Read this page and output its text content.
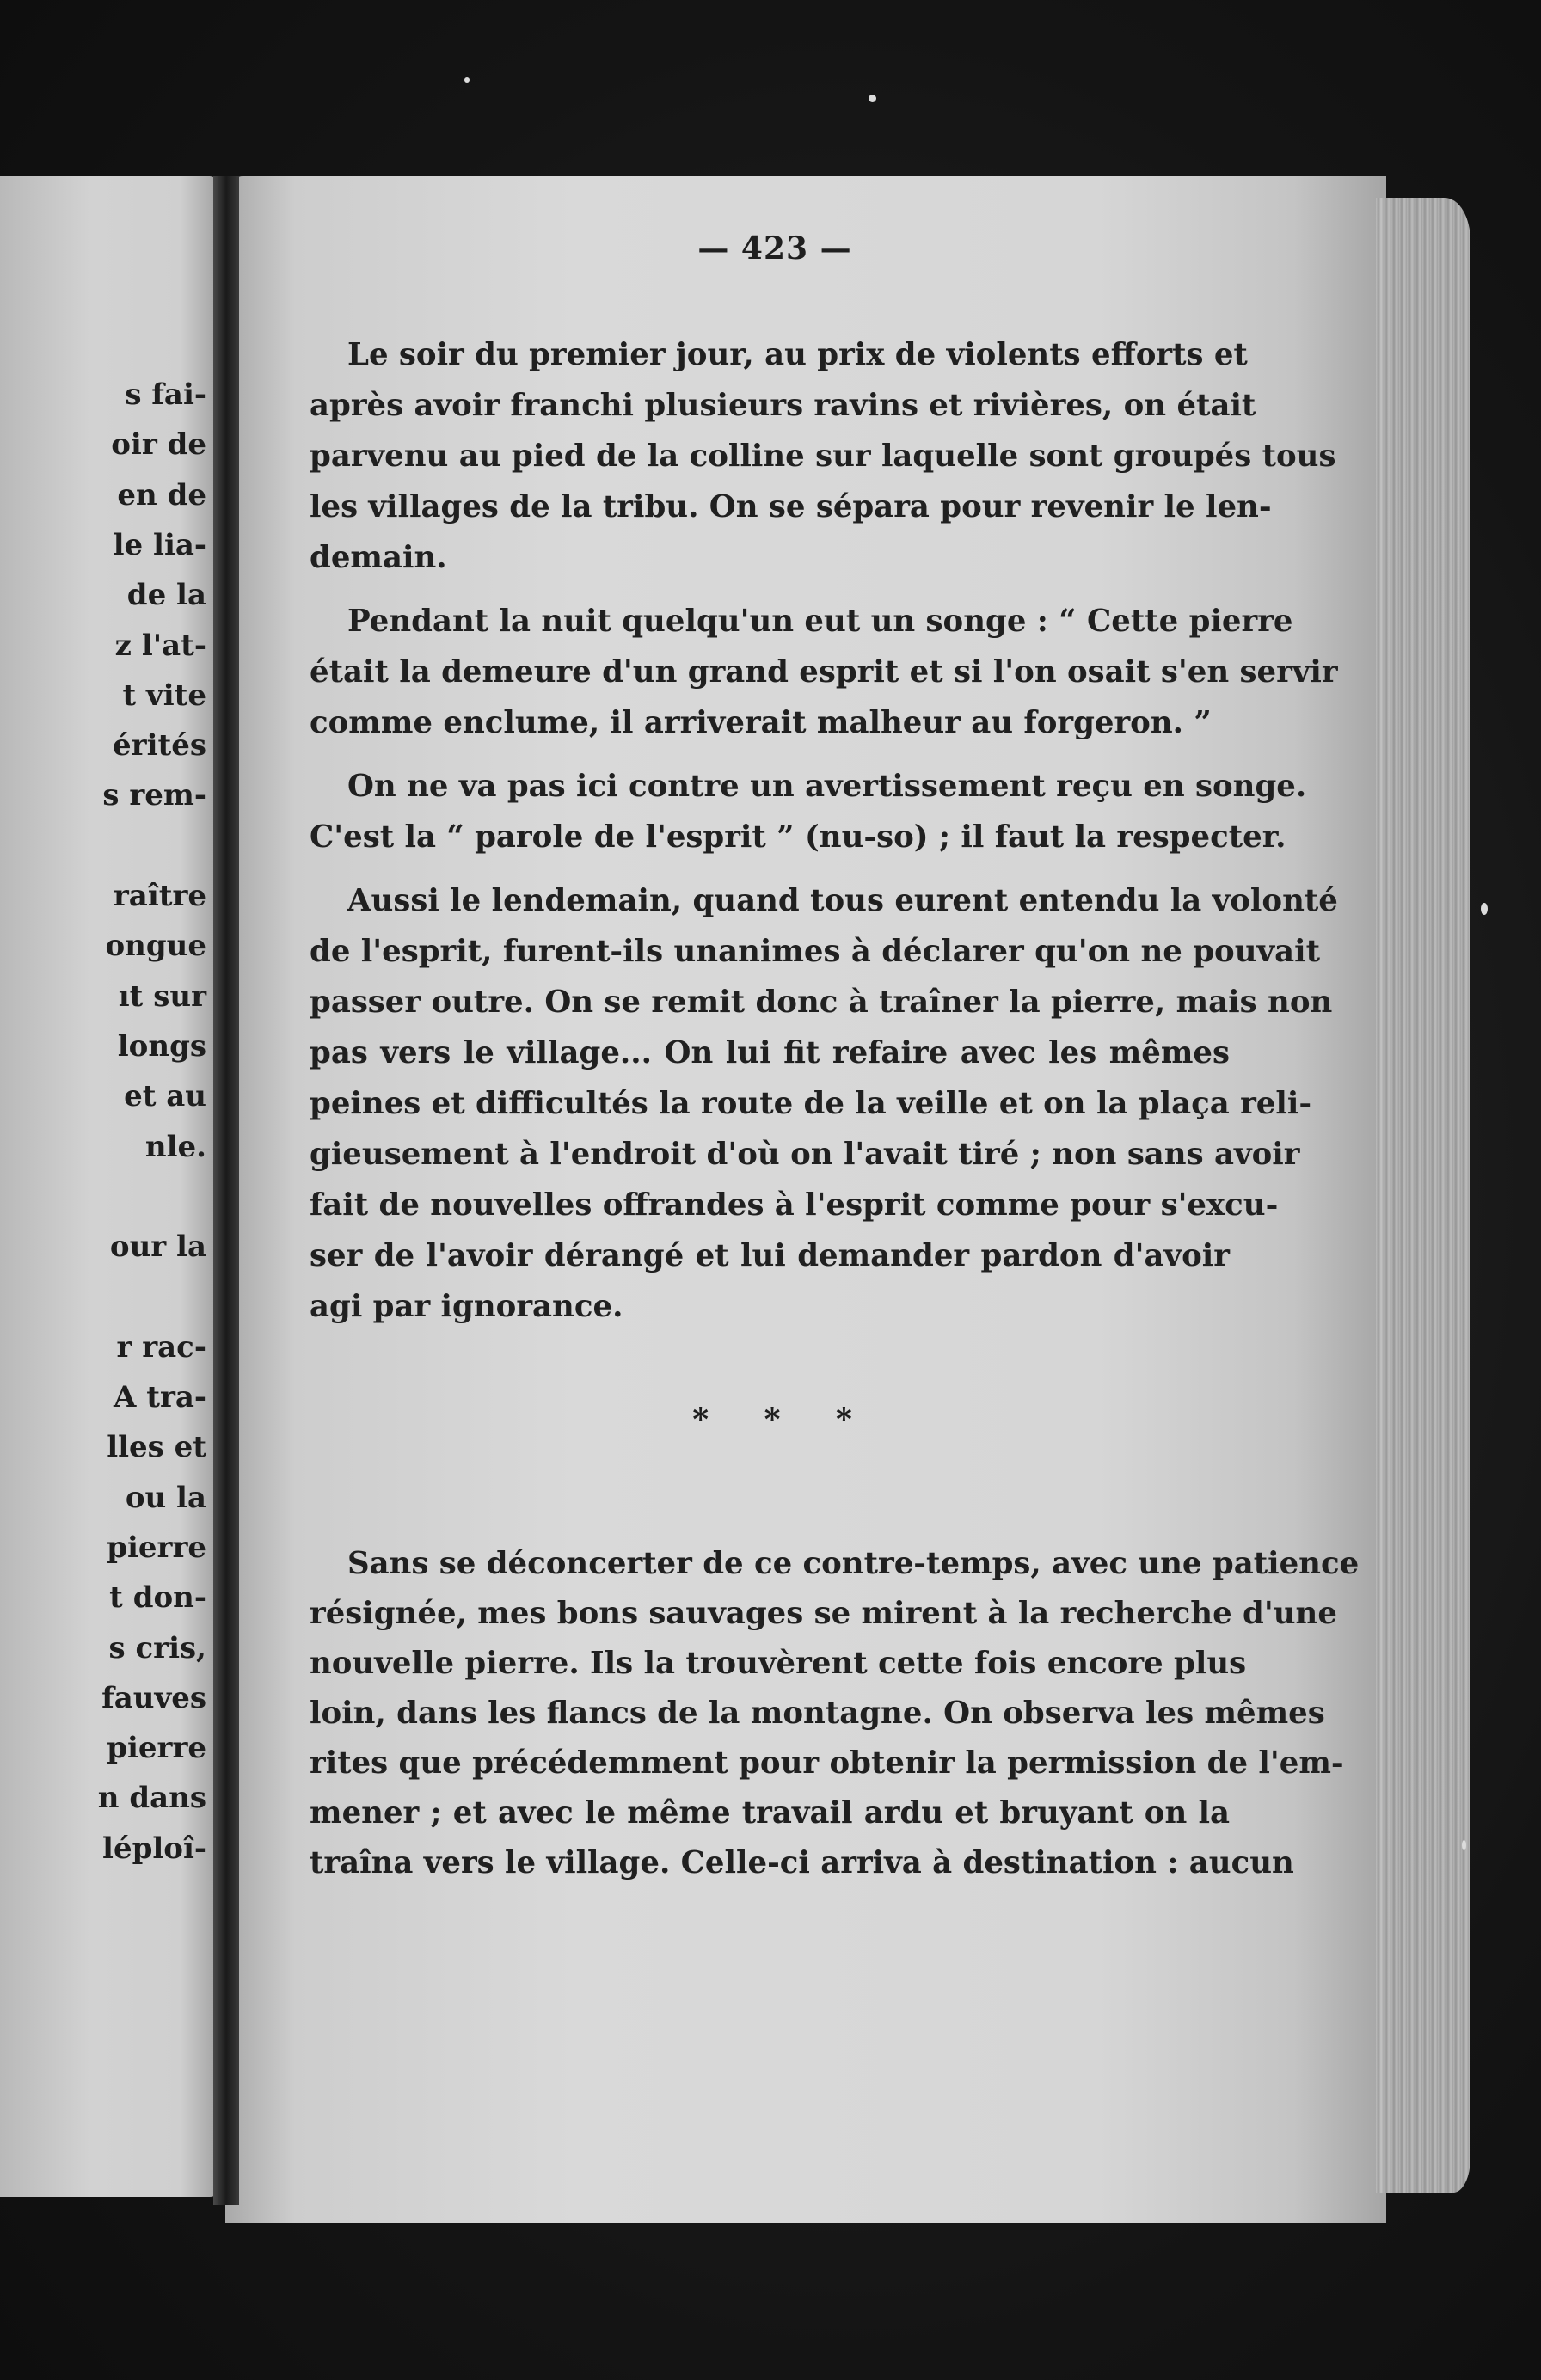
s fai-
oir de
en de
le lia-
de la
z l'at-
t vite
érités
s rem-
raître
ongue
ıt sur
longs
et au
nle.
our la
r rac-
A tra-
lles et
ou la
pierre
t don-
s cris,
fauves
pierre
n dans
léploî-
— 423 —
Le soir du premier jour, au prix de violents efforts et
après avoir franchi plusieurs ravins et rivières, on était
parvenu au pied de la colline sur laquelle sont groupés tous
les villages de la tribu. On se sépara pour revenir le len-
demain.
Pendant la nuit quelqu'un eut un songe : “ Cette pierre
était la demeure d'un grand esprit et si l'on osait s'en servir
comme enclume, il arriverait malheur au forgeron. ”
On ne va pas ici contre un avertissement reçu en songe.
C'est la “ parole de l'esprit ” (nu-so) ; il faut la respecter.
Aussi le lendemain, quand tous eurent entendu la volonté
de l'esprit, furent-ils unanimes à déclarer qu'on ne pouvait
passer outre. On se remit donc à traîner la pierre, mais non
pas vers le village... On lui fit refaire avec les mêmes
peines et difficultés la route de la veille et on la plaça reli-
gieusement à l'endroit d'où on l'avait tiré ; non sans avoir
fait de nouvelles offrandes à l'esprit comme pour s'excu-
ser de l'avoir dérangé et lui demander pardon d'avoir
agi par ignorance.
* * *
Sans se déconcerter de ce contre-temps, avec une patience
résignée, mes bons sauvages se mirent à la recherche d'une
nouvelle pierre. Ils la trouvèrent cette fois encore plus
loin, dans les flancs de la montagne. On observa les mêmes
rites que précédemment pour obtenir la permission de l'em-
mener ; et avec le même travail ardu et bruyant on la
traîna vers le village. Celle-ci arriva à destination : aucun
